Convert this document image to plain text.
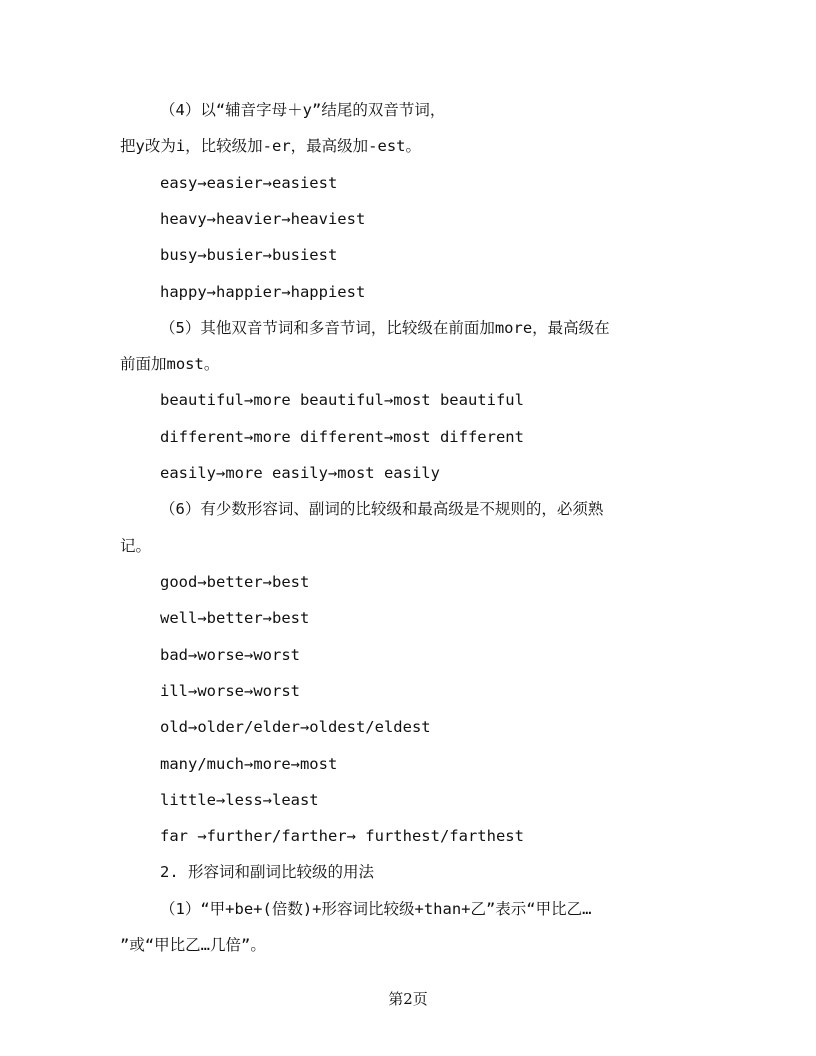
（4）以“辅音字母＋y”结尾的双音节词，
把y改为i，比较级加-er，最高级加-est。
easy→easier→easiest
heavy→heavier→heaviest
busy→busier→busiest
happy→happier→happiest
（5）其他双音节词和多音节词，比较级在前面加more，最高级在
前面加most。
beautiful→more beautiful→most beautiful
different→more different→most different
easily→more easily→most easily
（6）有少数形容词、副词的比较级和最高级是不规则的，必须熟
记。
good→better→best
well→better→best
bad→worse→worst
ill→worse→worst
old→older/elder→oldest/eldest
many/much→more→most
little→less→least
far →further/farther→ furthest/farthest
2. 形容词和副词比较级的用法
（1）“甲+be+(倍数)+形容词比较级+than+乙”表示“甲比乙…
”或“甲比乙…几倍”。
第2页
